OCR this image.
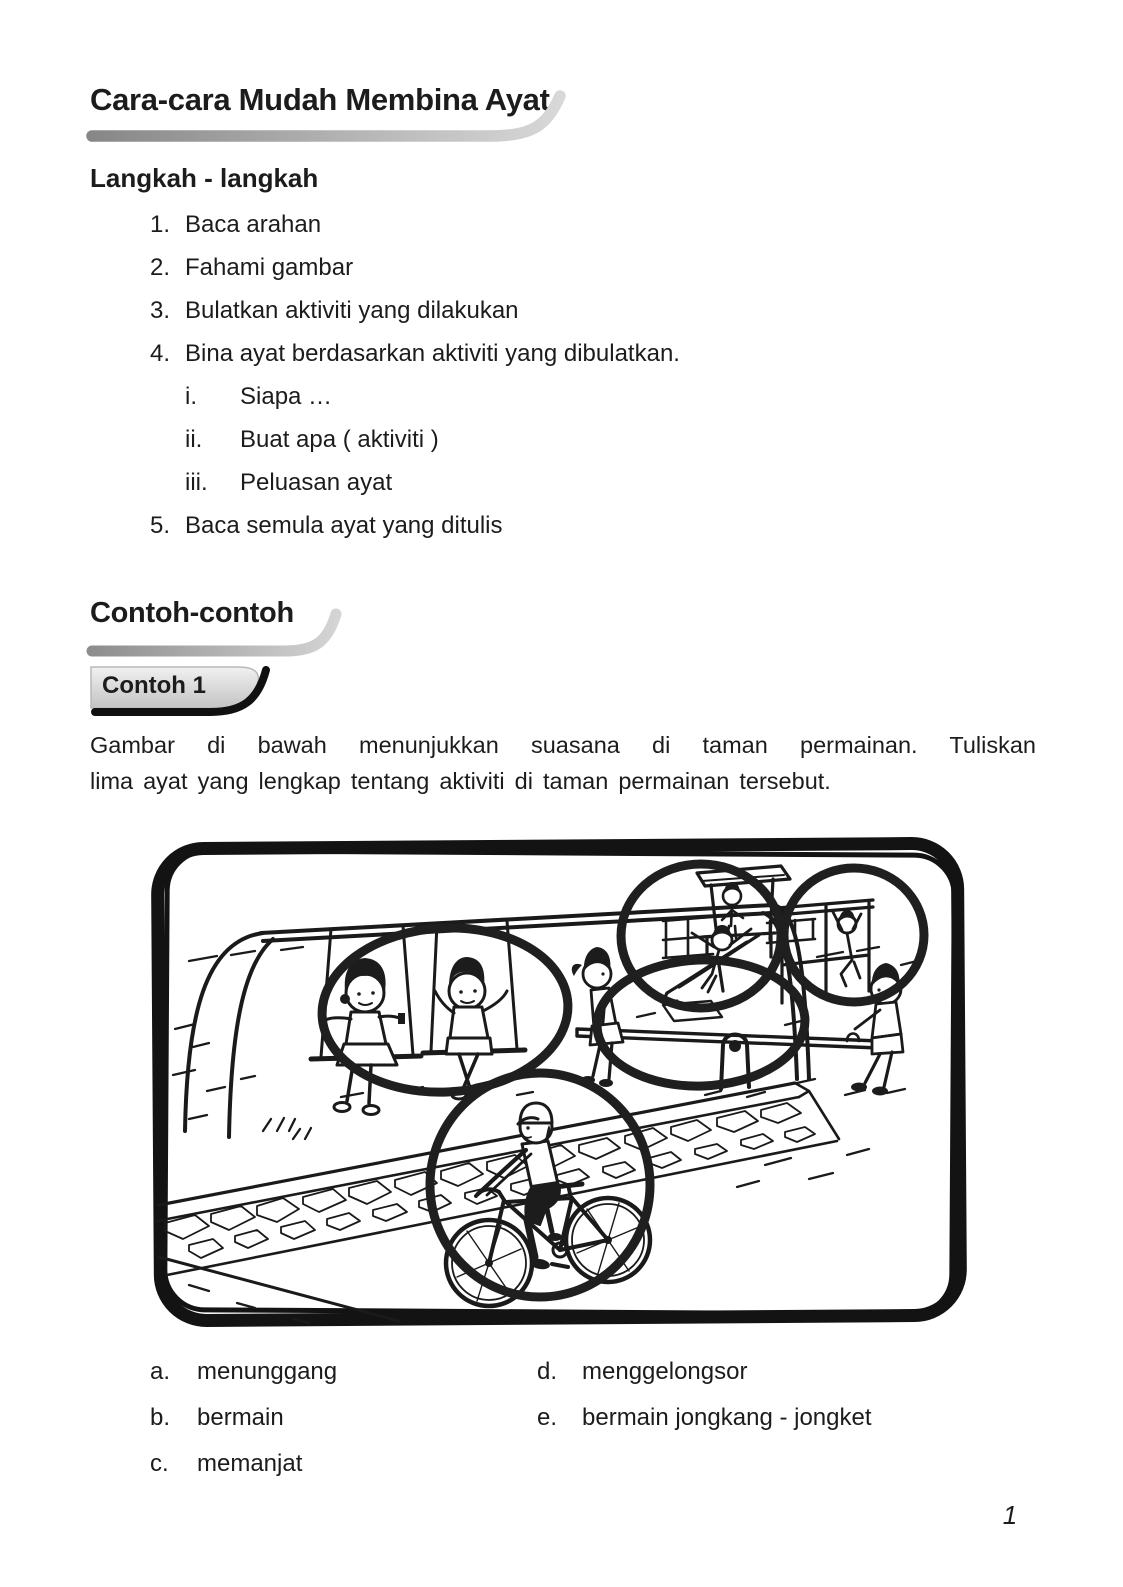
Cara-cara Mudah Membina Ayat
Langkah - langkah
1. Baca arahan
2. Fahami gambar
3. Bulatkan aktiviti yang dilakukan
4. Bina ayat berdasarkan aktiviti yang dibulatkan.
i.	Siapa …
ii.	Buat apa ( aktiviti )
iii.	Peluasan ayat
5. Baca semula ayat yang ditulis
Contoh-contoh
Contoh 1
Gambar di bawah menunjukkan suasana di taman permainan. Tuliskan
lima ayat yang lengkap tentang aktiviti di taman permainan tersebut.
a.	menunggang
b.	bermain
c.	memanjat
d.	menggelongsor
e.	bermain jongkang - jongket
1
